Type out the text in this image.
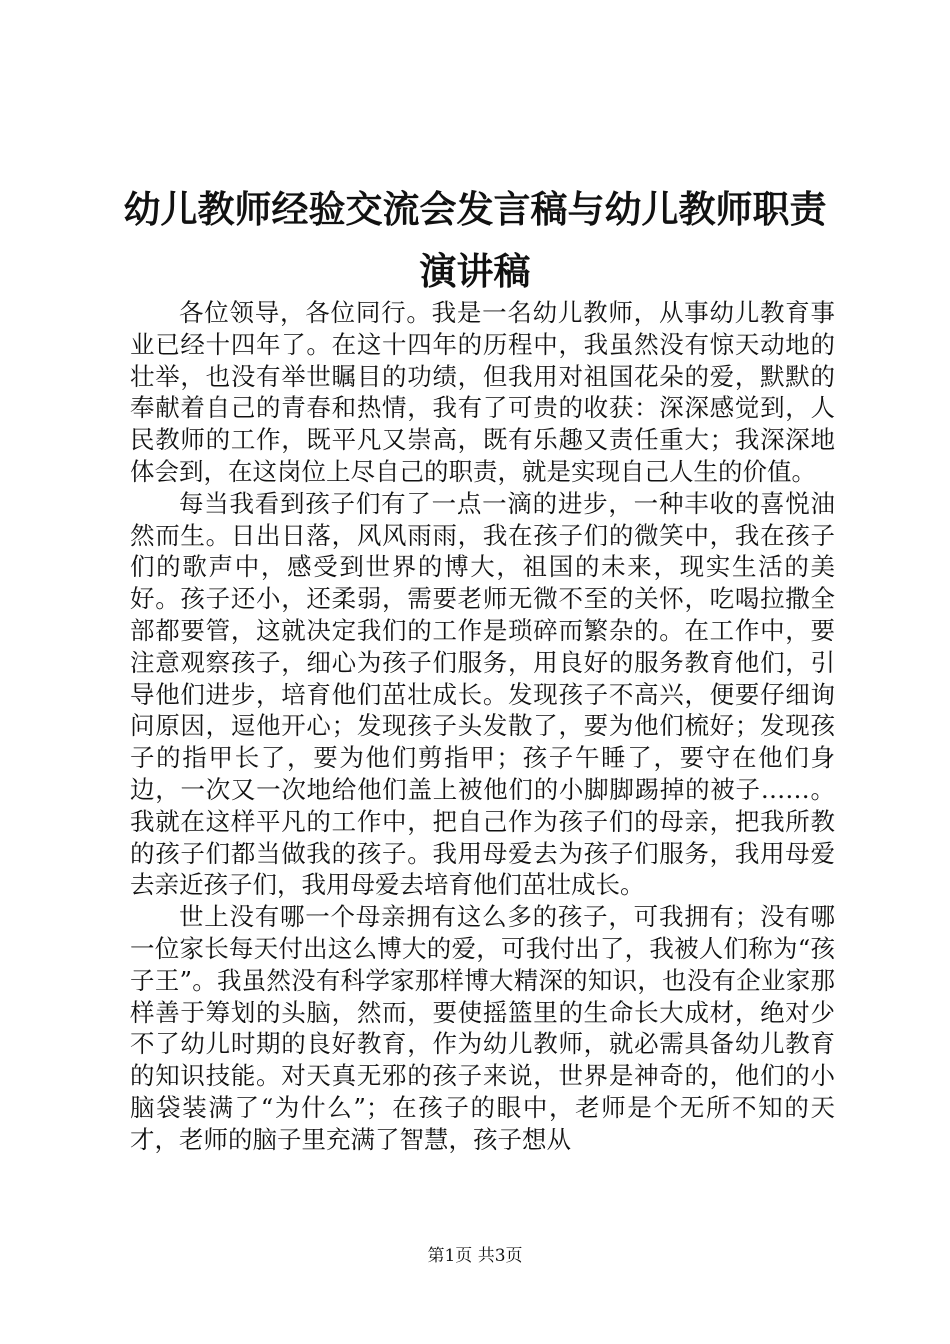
幼儿教师经验交流会发言稿与幼儿教师职责演讲稿

各位领导，各位同行。我是一名幼儿教师，从事幼儿教育事业已经十四年了。在这十四年的历程中，我虽然没有惊天动地的壮举，也没有举世瞩目的功绩，但我用对祖国花朵的爱，默默的奉献着自己的青春和热情，我有了可贵的收获：深深感觉到，人民教师的工作，既平凡又崇高，既有乐趣又责任重大；我深深地体会到，在这岗位上尽自己的职责，就是实现自己人生的价值。

每当我看到孩子们有了一点一滴的进步，一种丰收的喜悦油然而生。日出日落，风风雨雨，我在孩子们的微笑中，我在孩子们的歌声中，感受到世界的博大，祖国的未来，现实生活的美好。孩子还小，还柔弱，需要老师无微不至的关怀，吃喝拉撒全部都要管，这就决定我们的工作是琐碎而繁杂的。在工作中，要注意观察孩子，细心为孩子们服务，用良好的服务教育他们，引导他们进步，培育他们茁壮成长。发现孩子不高兴，便要仔细询问原因，逗他开心；发现孩子头发散了，要为他们梳好；发现孩子的指甲长了，要为他们剪指甲；孩子午睡了，要守在他们身边，一次又一次地给他们盖上被他们的小脚脚踢掉的被子……。我就在这样平凡的工作中，把自己作为孩子们的母亲，把我所教的孩子们都当做我的孩子。我用母爱去为孩子们服务，我用母爱去亲近孩子们，我用母爱去培育他们茁壮成长。

世上没有哪一个母亲拥有这么多的孩子，可我拥有；没有哪一位家长每天付出这么博大的爱，可我付出了，我被人们称为“孩子王”。我虽然没有科学家那样博大精深的知识，也没有企业家那样善于筹划的头脑，然而，要使摇篮里的生命长大成材，绝对少不了幼儿时期的良好教育，作为幼儿教师，就必需具备幼儿教育的知识技能。对天真无邪的孩子来说，世界是神奇的，他们的小脑袋装满了“为什么”；在孩子的眼中，老师是个无所不知的天才，老师的脑子里充满了智慧，孩子想从

第1页 共3页
